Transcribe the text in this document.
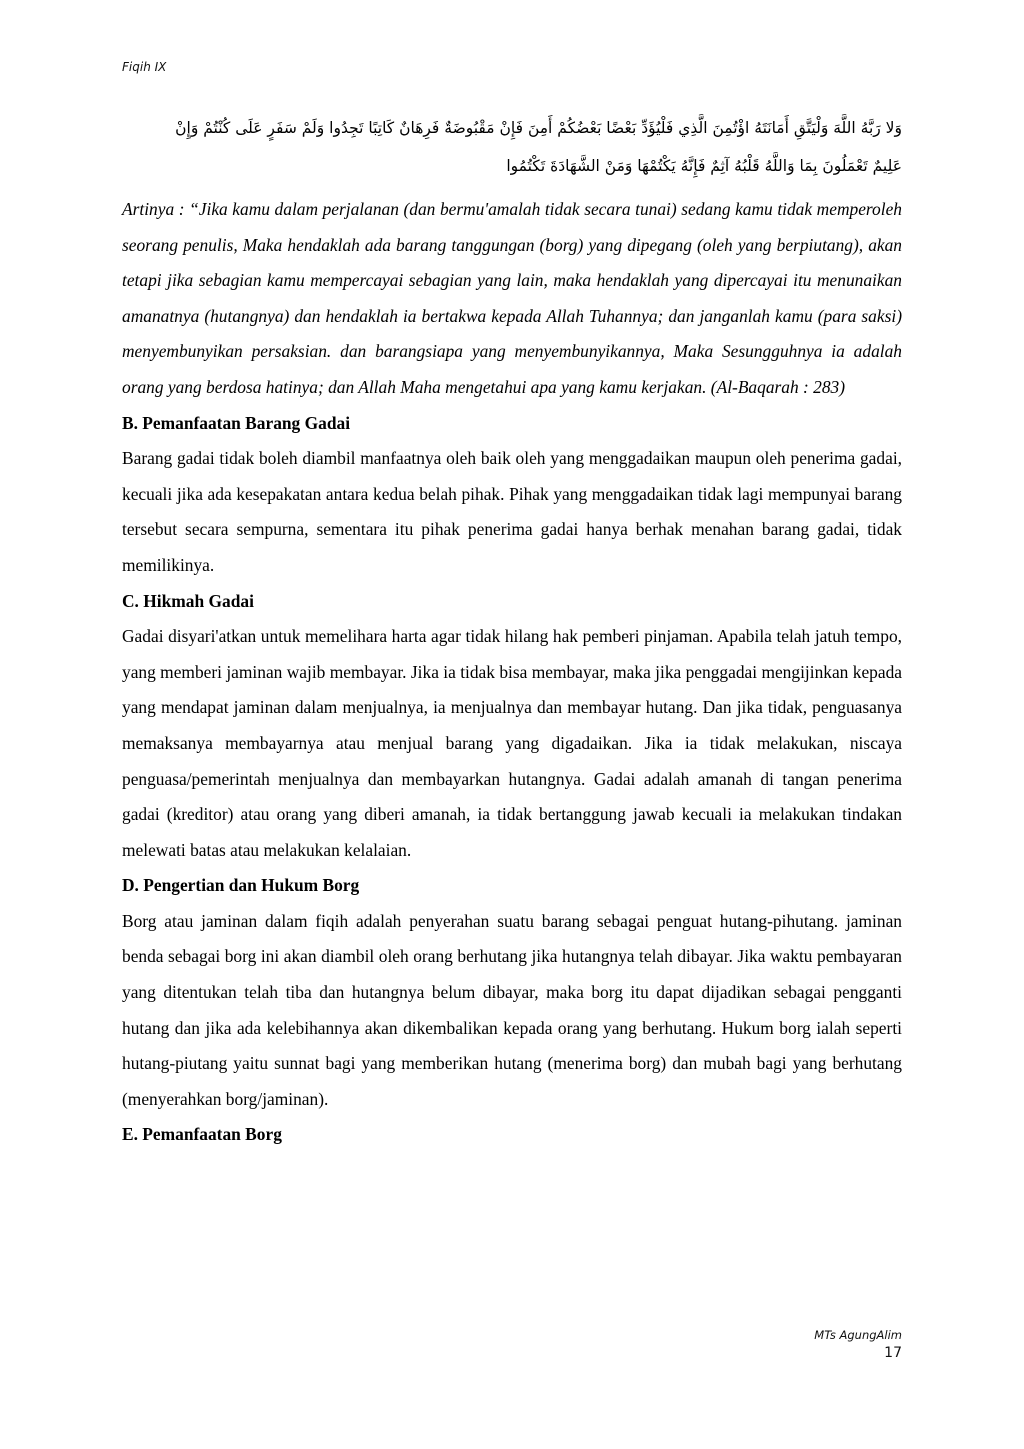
Fiqih IX
وَلا رَبَّهُ اللَّهَ وَلْيَتَّقِ أَمَانَتَهُ اؤْتُمِنَ الَّذِي فَلْيُؤَدِّ بَعْضًا بَعْضُكُمْ أَمِنَ فَإِنْ مَقْبُوضَةٌ فَرِهَانٌ كَاتِبًا تَجِدُوا وَلَمْ سَفَرٍ عَلَى كُنْتُمْ وَإِنْ
عَلِيمٌ تَعْمَلُونَ بِمَا وَاللَّهُ قَلْبُهُ آثِمٌ فَإِنَّهُ يَكْتُمْهَا وَمَنْ الشَّهَادَةَ تَكْتُمُوا

Artinya : “Jika kamu dalam perjalanan (dan bermu'amalah tidak secara tunai) sedang kamu tidak memperoleh seorang penulis, Maka hendaklah ada barang tanggungan (borg) yang dipegang (oleh yang berpiutang), akan tetapi jika sebagian kamu mempercayai sebagian yang lain, maka hendaklah yang dipercayai itu menunaikan amanatnya (hutangnya) dan hendaklah ia bertakwa kepada Allah Tuhannya; dan janganlah kamu (para saksi) menyembunyikan persaksian. dan barangsiapa yang menyembunyikannya, Maka Sesungguhnya ia adalah orang yang berdosa hatinya; dan Allah Maha mengetahui apa yang kamu kerjakan. (Al-Baqarah : 283)

B. Pemanfaatan Barang Gadai

Barang gadai tidak boleh diambil manfaatnya oleh baik oleh yang menggadaikan maupun oleh penerima gadai, kecuali jika ada kesepakatan antara kedua belah pihak. Pihak yang menggadaikan tidak lagi mempunyai barang tersebut secara sempurna, sementara itu pihak penerima gadai hanya berhak menahan barang gadai, tidak memilikinya.

C. Hikmah Gadai

Gadai disyari'atkan untuk memelihara harta agar tidak hilang hak pemberi pinjaman. Apabila telah jatuh tempo, yang memberi jaminan wajib membayar. Jika ia tidak bisa membayar, maka jika penggadai mengijinkan kepada yang mendapat jaminan dalam menjualnya, ia menjualnya dan membayar hutang. Dan jika tidak, penguasanya memaksanya membayarnya atau menjual barang yang digadaikan. Jika ia tidak melakukan, niscaya penguasa/pemerintah menjualnya dan membayarkan hutangnya. Gadai adalah amanah di tangan penerima gadai (kreditor) atau orang yang diberi amanah, ia tidak bertanggung jawab kecuali ia melakukan tindakan melewati batas atau melakukan kelalaian.

D. Pengertian dan Hukum Borg

Borg atau jaminan dalam fiqih adalah penyerahan suatu barang sebagai penguat hutang-pihutang. jaminan benda sebagai borg ini akan diambil oleh orang berhutang jika hutangnya telah dibayar. Jika waktu pembayaran yang ditentukan telah tiba dan hutangnya belum dibayar, maka borg itu dapat dijadikan sebagai pengganti hutang dan jika ada kelebihannya akan dikembalikan kepada orang yang berhutang. Hukum borg ialah seperti hutang-piutang yaitu sunnat bagi yang memberikan hutang (menerima borg) dan mubah bagi yang berhutang (menyerahkan borg/jaminan).

E. Pemanfaatan Borg
MTs AgungAlim
17
